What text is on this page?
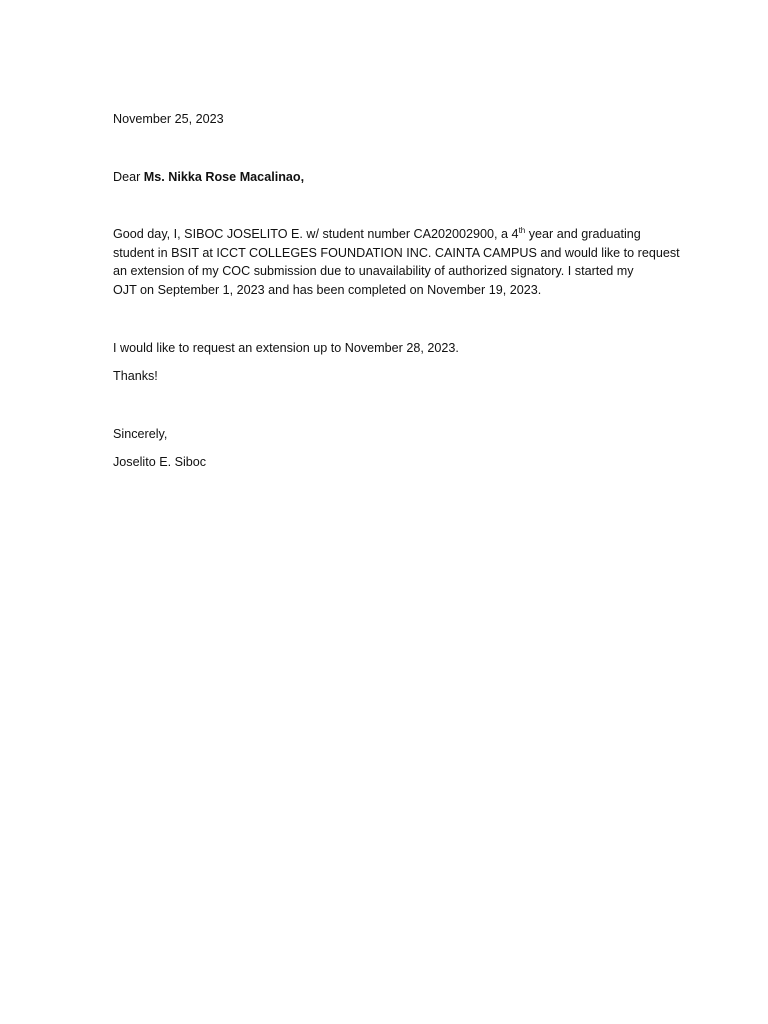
November 25, 2023

Dear Ms. Nikka Rose Macalinao,

Good day, I, SIBOC JOSELITO E. w/ student number CA202002900, a 4th year and graduating
student in BSIT at ICCT COLLEGES FOUNDATION INC. CAINTA CAMPUS and would like to request
an extension of my COC submission due to unavailability of authorized signatory. I started my
OJT on September 1, 2023 and has been completed on November 19, 2023.

I would like to request an extension up to November 28, 2023.

Thanks!

Sincerely,

Joselito E. Siboc
